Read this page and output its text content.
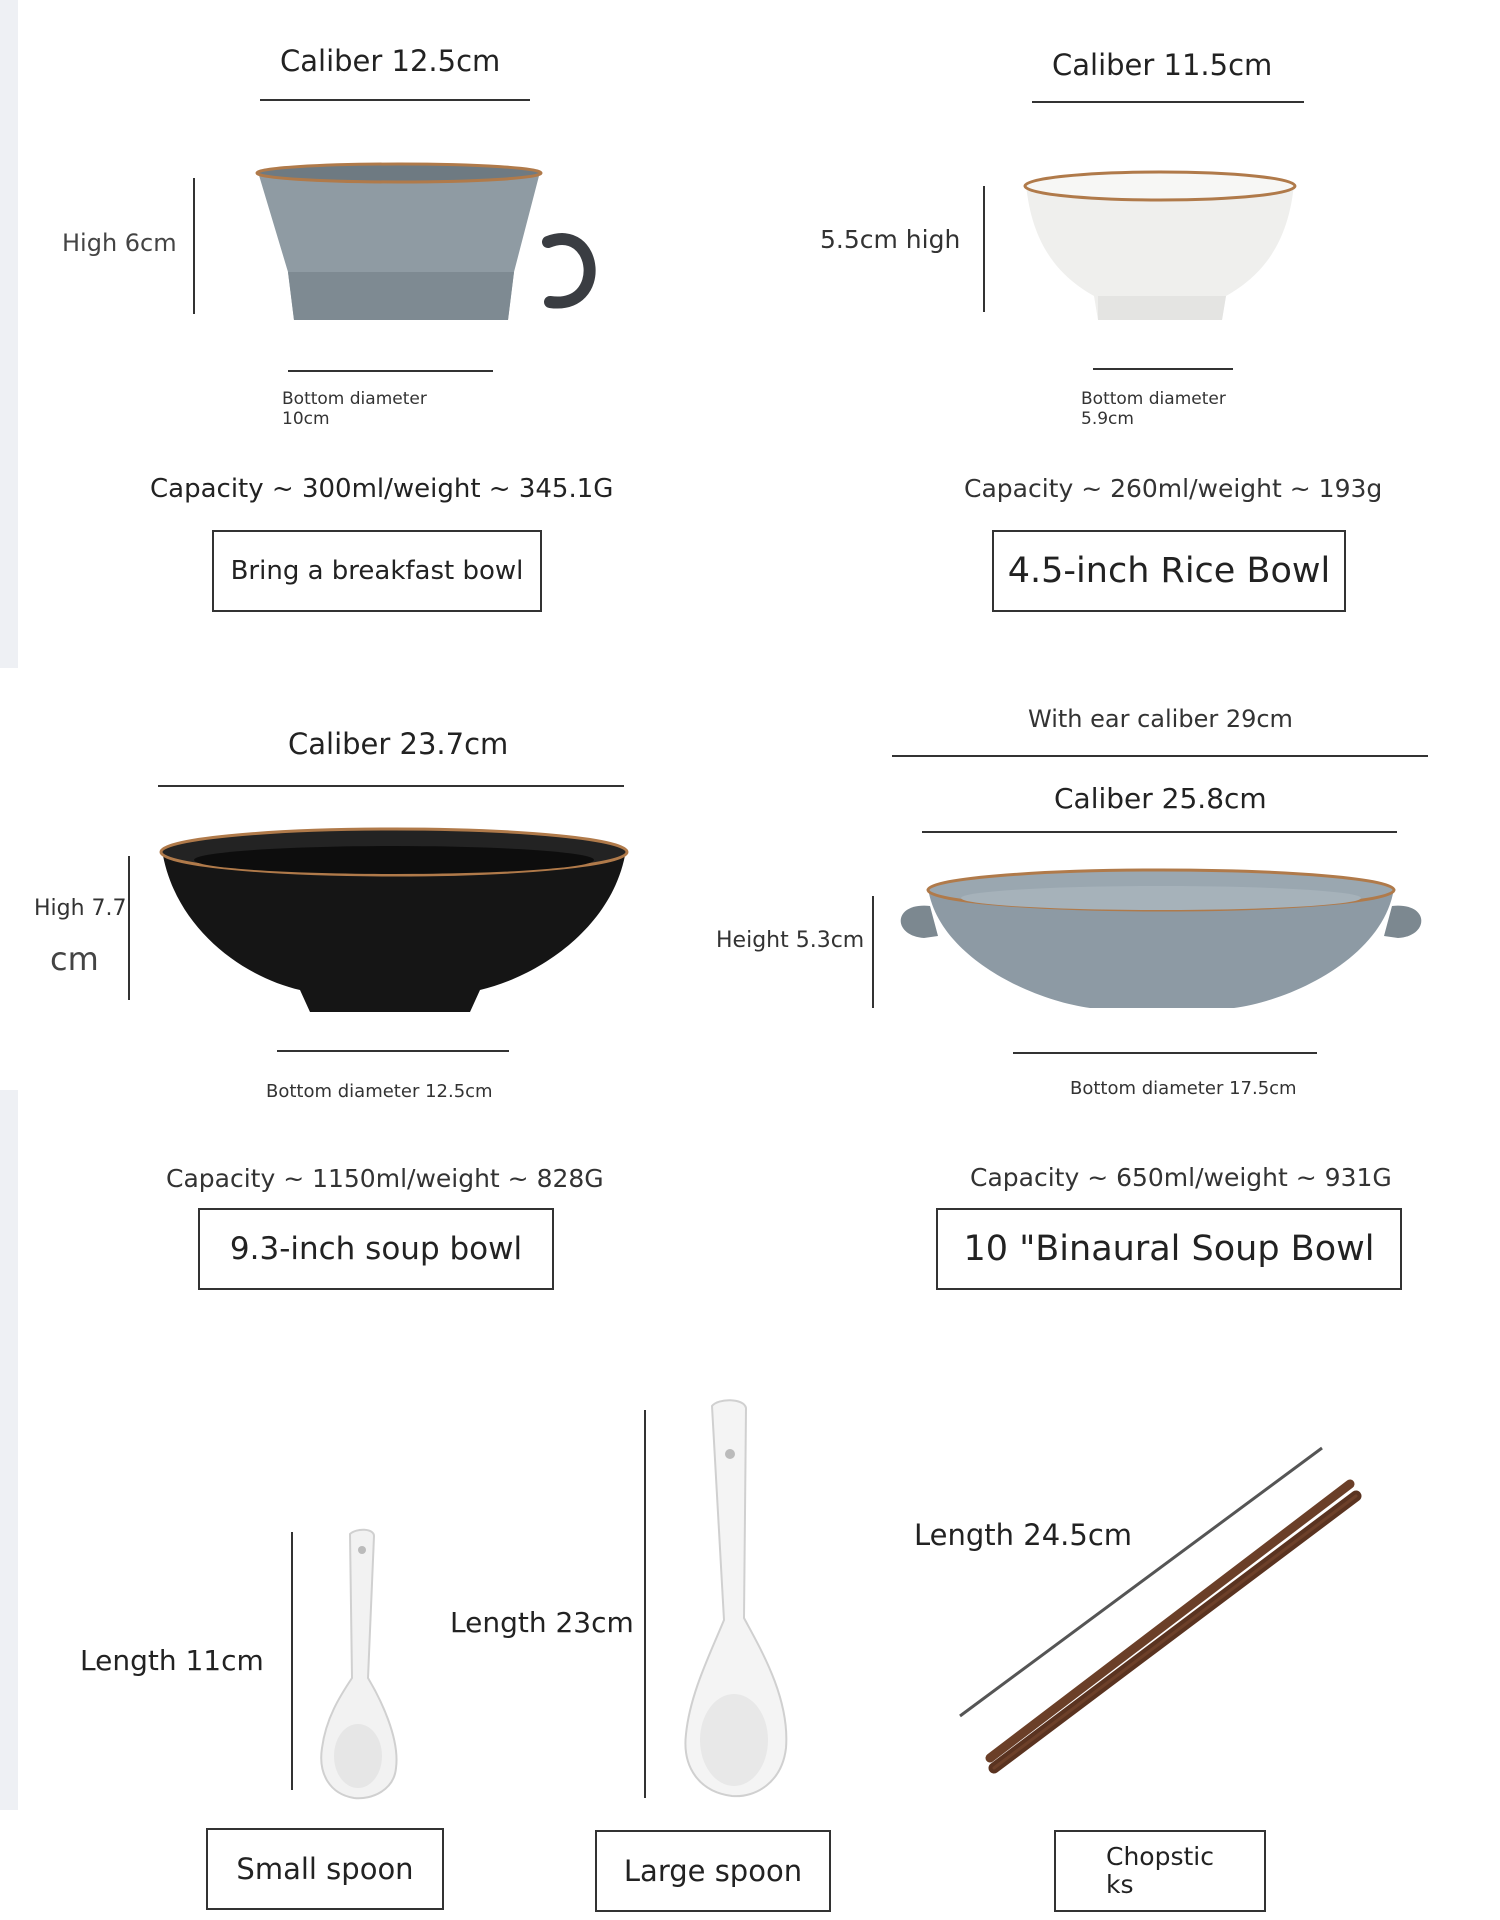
Caliber 12.5cm
High 6cm
Bottom diameter
10cm
Capacity ~ 300ml/weight ~ 345.1G
Bring a breakfast bowl
Caliber 11.5cm
5.5cm high
Bottom diameter
5.9cm
Capacity ~ 260ml/weight ~ 193g
4.5-inch Rice Bowl
Caliber 23.7cm
High 7.7
cm
Bottom diameter 12.5cm
Capacity ~ 1150ml/weight ~ 828G
9.3-inch soup bowl
With ear caliber 29cm
Caliber 25.8cm
Height 5.3cm
Bottom diameter 17.5cm
Capacity ~ 650ml/weight ~ 931G
10 "Binaural Soup Bowl
Length 11cm
Small spoon
Length 23cm
Large spoon
Length 24.5cm
Chopstic
ks
